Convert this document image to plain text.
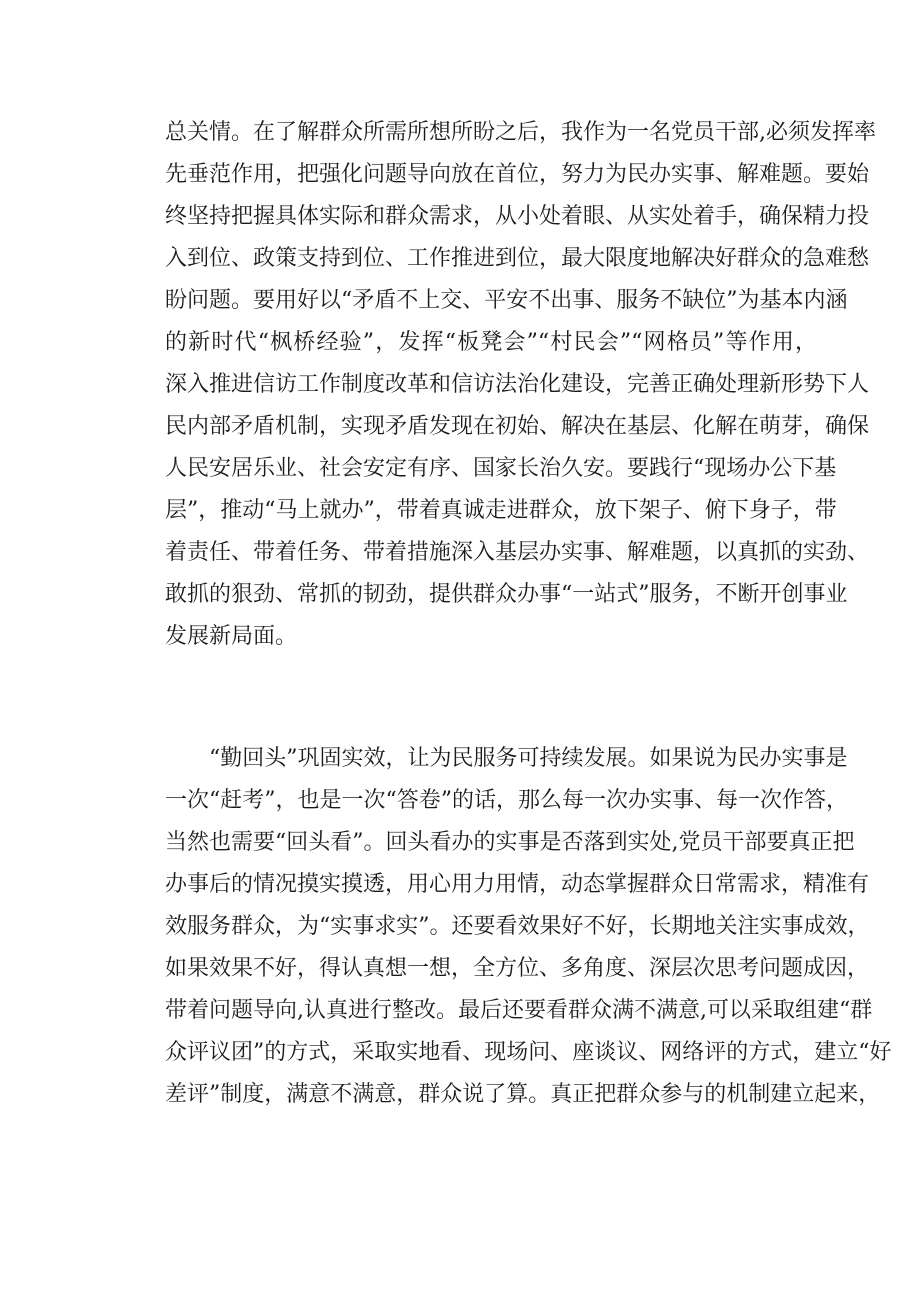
总关情。在了解群众所需所想所盼之后，我作为一名党员干部,必须发挥率
先垂范作用，把强化问题导向放在首位，努力为民办实事、解难题。要始
终坚持把握具体实际和群众需求，从小处着眼、从实处着手，确保精力投
入到位、政策支持到位、工作推进到位，最大限度地解决好群众的急难愁
盼问题。要用好以“矛盾不上交、平安不出事、服务不缺位”为基本内涵
的新时代“枫桥经验”，发挥“板凳会”“村民会”“网格员”等作用，
深入推进信访工作制度改革和信访法治化建设，完善正确处理新形势下人
民内部矛盾机制，实现矛盾发现在初始、解决在基层、化解在萌芽，确保
人民安居乐业、社会安定有序、国家长治久安。要践行“现场办公下基
层”，推动“马上就办”，带着真诚走进群众，放下架子、俯下身子，带
着责任、带着任务、带着措施深入基层办实事、解难题，以真抓的实劲、
敢抓的狠劲、常抓的韧劲，提供群众办事“一站式”服务，不断开创事业
发展新局面。
“勤回头”巩固实效，让为民服务可持续发展。如果说为民办实事是
一次“赶考”，也是一次“答卷”的话，那么每一次办实事、每一次作答，
当然也需要“回头看”。回头看办的实事是否落到实处,党员干部要真正把
办事后的情况摸实摸透，用心用力用情，动态掌握群众日常需求，精准有
效服务群众，为“实事求实”。还要看效果好不好，长期地关注实事成效，
如果效果不好，得认真想一想，全方位、多角度、深层次思考问题成因，
带着问题导向,认真进行整改。最后还要看群众满不满意,可以采取组建“群
众评议团”的方式，采取实地看、现场问、座谈议、网络评的方式，建立“好
差评”制度，满意不满意，群众说了算。真正把群众参与的机制建立起来，
